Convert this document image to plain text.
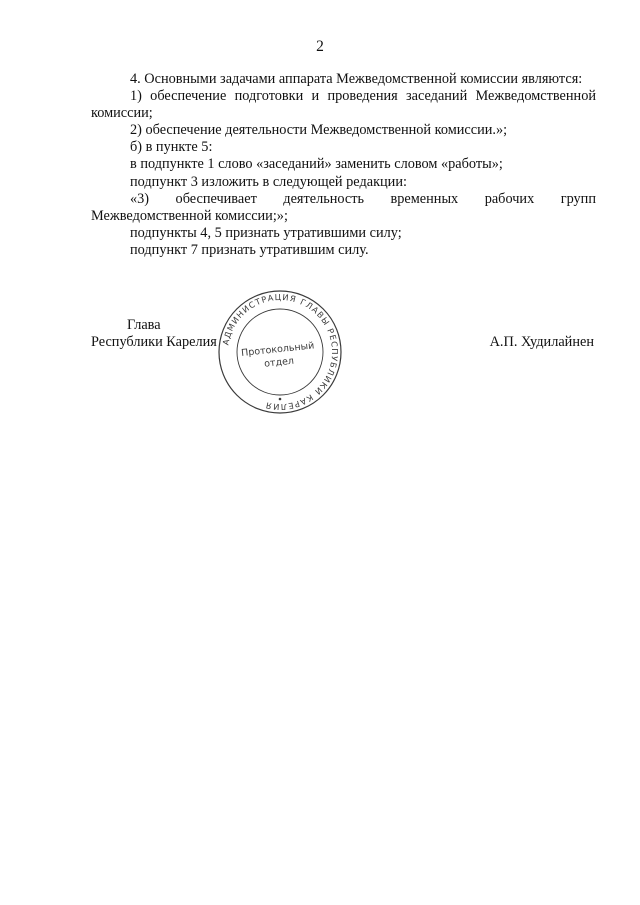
2

4. Основными задачами аппарата Межведомственной комиссии являются:

1) обеспечение подготовки и проведения заседаний Межведомственной комиссии;

2) обеспечение деятельности Межведомственной комиссии.»;

б) в пункте 5:

в подпункте 1 слово «заседаний» заменить словом «работы»;

подпункт 3 изложить в следующей редакции:

«3) обеспечивает деятельность временных рабочих групп Межведомственной комиссии;»;

подпункты 4, 5 признать утратившими силу;

подпункт 7 признать утратившим силу.

Глава
Республики Карелия	А.П. Худилайнен
АДМИНИСТРАЦИЯ ГЛАВЫ РЕСПУБЛИКИ КАРЕЛИЯ
Протокольный
отдел
